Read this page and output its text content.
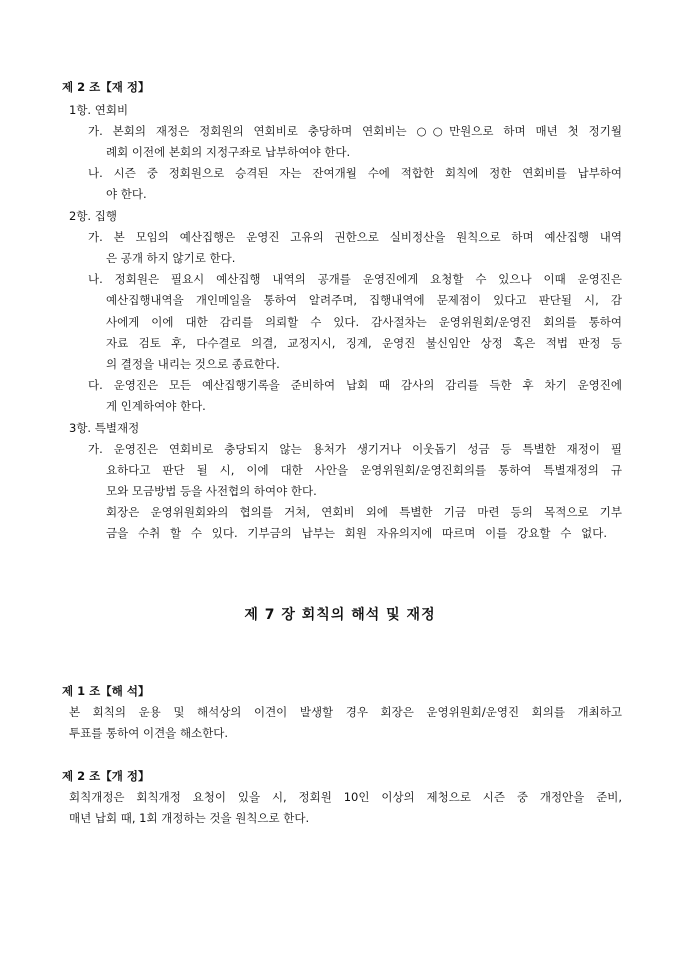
제 2 조【재 정】
1항. 연회비
가. 본회의 재정은 정회원의 연회비로 충당하며 연회비는 ○○만원으로 하며 매년 첫 정기월
례회 이전에 본회의 지정구좌로 납부하여야 한다.
나. 시즌 중 정회원으로 승격된 자는 잔여개월 수에 적합한 회칙에 정한 연회비를 납부하여
야 한다.
2항. 집행
가. 본 모임의 예산집행은 운영진 고유의 권한으로 실비정산을 원칙으로 하며 예산집행 내역
은 공개 하지 않기로 한다.
나. 정회원은 필요시 예산집행 내역의 공개를 운영진에게 요청할 수 있으나 이때 운영진은
예산집행내역을 개인메일을 통하여 알려주며, 집행내역에 문제점이 있다고 판단될 시, 감
사에게 이에 대한 감리를 의뢰할 수 있다. 감사절차는 운영위원회/운영진 회의를 통하여
자료 검토 후, 다수결로 의결, 교정지시, 징계, 운영진 불신임안 상정 혹은 적법 판정 등
의 결정을 내리는 것으로 종료한다.
다. 운영진은 모든 예산집행기록을 준비하여 납회 때 감사의 감리를 득한 후 차기 운영진에
게 인계하여야 한다.
3항. 특별재정
가. 운영진은 연회비로 충당되지 않는 용처가 생기거나 이웃돕기 성금 등 특별한 재정이 필
요하다고 판단 될 시, 이에 대한 사안을 운영위원회/운영진회의를 통하여 특별재정의 규
모와 모금방법 등을 사전협의 하여야 한다.
회장은 운영위원회와의 협의를 거쳐, 연회비 외에 특별한 기금 마련 등의 목적으로 기부
금을 수취 할 수 있다. 기부금의 납부는 회원 자유의지에 따르며 이를 강요할 수 없다.
제 7 장 회칙의 해석 및 재정
제 1 조【해 석】
본 회칙의 운용 및 해석상의 이견이 발생할 경우 회장은 운영위원회/운영진 회의를 개최하고
투표를 통하여 이견을 해소한다.
제 2 조【개 정】
회칙개정은 회칙개정 요청이 있을 시, 정회원 10인 이상의 제청으로 시즌 중 개정안을 준비,
매년 납회 때, 1회 개정하는 것을 원칙으로 한다.
